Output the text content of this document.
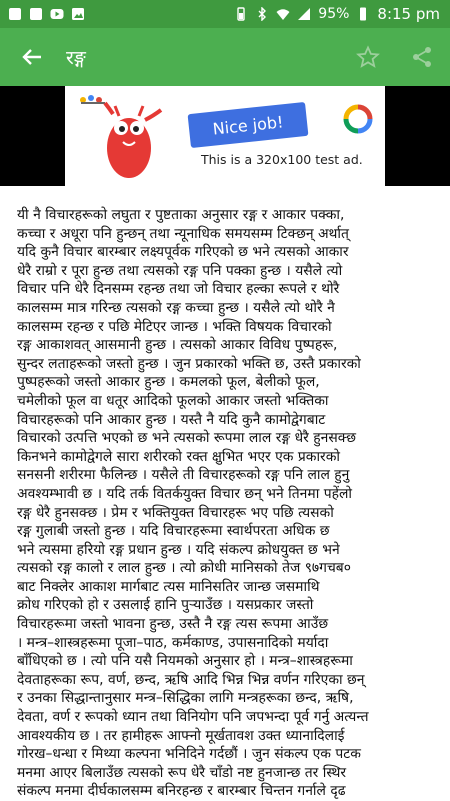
95% 8:15 pm
रङ्ग
Nice job!
This is a 320x100 test ad.

यी नै विचारहरूको लघुता र पुष्टताका अनुसार रङ्ग र आकार पक्का,

कच्चा र अधूरा पनि हुन्छन् तथा न्यूनाधिक समयसम्म टिक्छन् अर्थात्

यदि कुनै विचार बारम्बार लक्ष्यपूर्वक गरिएको छ भने त्यसको आकार

धेरै राम्रो र पूरा हुन्छ तथा त्यसको रङ्ग पनि पक्का हुन्छ । यसैले त्यो

विचार पनि धेरै दिनसम्म रहन्छ तथा जो विचार हल्का रूपले र थोरै

कालसम्म मात्र गरिन्छ त्यसको रङ्ग कच्चा हुन्छ । यसैले त्यो थोरै नै

कालसम्म रहन्छ र पछि मेटिएर जान्छ । भक्ति विषयक विचारको

रङ्ग आकाशवत् आसमानी हुन्छ । त्यसको आकार विविध पुष्पहरू,

सुन्दर लताहरूको जस्तो हुन्छ । जुन प्रकारको भक्ति छ, उस्तै प्रकारको

पुष्पहरूको जस्तो आकार हुन्छ । कमलको फूल, बेलीको फूल,

चमेलीको फूल वा धतूर आदिको फूलको आकार जस्तो भक्तिका

विचारहरूको पनि आकार हुन्छ । यस्तै नै यदि कुनै कामोद्वेगबाट

विचारको उत्पत्ति भएको छ भने त्यसको रूपमा लाल रङ्ग धेरै हुनसक्छ

किनभने कामोद्वेगले सारा शरीरको रक्त क्षुभित भएर एक प्रकारको

सनसनी शरीरमा फैलिन्छ । यसैले ती विचारहरूको रङ्ग पनि लाल हुनु

अवश्यम्भावी छ । यदि तर्क वितर्कयुक्त विचार छन् भने तिनमा पहेंलो

रङ्ग धेरै हुनसक्छ । प्रेम र भक्तियुक्त विचारहरू भए पछि त्यसको

रङ्ग गुलाबी जस्तो हुन्छ । यदि विचारहरूमा स्वार्थपरता अधिक छ

भने त्यसमा हरियो रङ्ग प्रधान हुन्छ । यदि संकल्प क्रोधयुक्त छ भने

त्यसको रङ्ग कालो र लाल हुन्छ । त्यो क्रोधी मानिसको तेज ९७गचब०

बाट निक्लेर आकाश मार्गबाट त्यस मानिसतिर जान्छ जसमाथि

क्रोध गरिएको हो र उसलाई हानि पुर्‍याउँछ । यसप्रकार जस्तो

विचारहरूमा जस्तो भावना हुन्छ, उस्तै नै रङ्ग त्यस रूपमा आउँछ

। मन्त्र–शास्त्रहरूमा पूजा–पाठ, कर्मकाण्ड, उपासनादिको मर्यादा

बाँधिएको छ । त्यो पनि यसै नियमको अनुसार हो । मन्त्र–शास्त्रहरूमा

देवताहरूका रूप, वर्ण, छन्द, ऋषि आदि भिन्न भिन्न वर्णन गरिएका छन्

र उनका सिद्धान्तानुसार मन्त्र–सिद्धिका लागि मन्त्रहरूका छन्द, ऋषि,

देवता, वर्ण र रूपको ध्यान तथा विनियोग पनि जपभन्दा पूर्व गर्नु अत्यन्त

आवश्यकीय छ । तर हामीहरू आफ्नो मूर्खतावश उक्त ध्यानादिलाई

गोरख–धन्धा र मिथ्या कल्पना भनिदिने गर्दछौं । जुन संकल्प एक पटक

मनमा आएर बिलाउँछ त्यसको रूप धेरै चाँडो नष्ट हुनजान्छ तर स्थिर

संकल्प मनमा दीर्घकालसम्म बनिरहन्छ र बारम्बार चिन्तन गर्नाले दृढ
